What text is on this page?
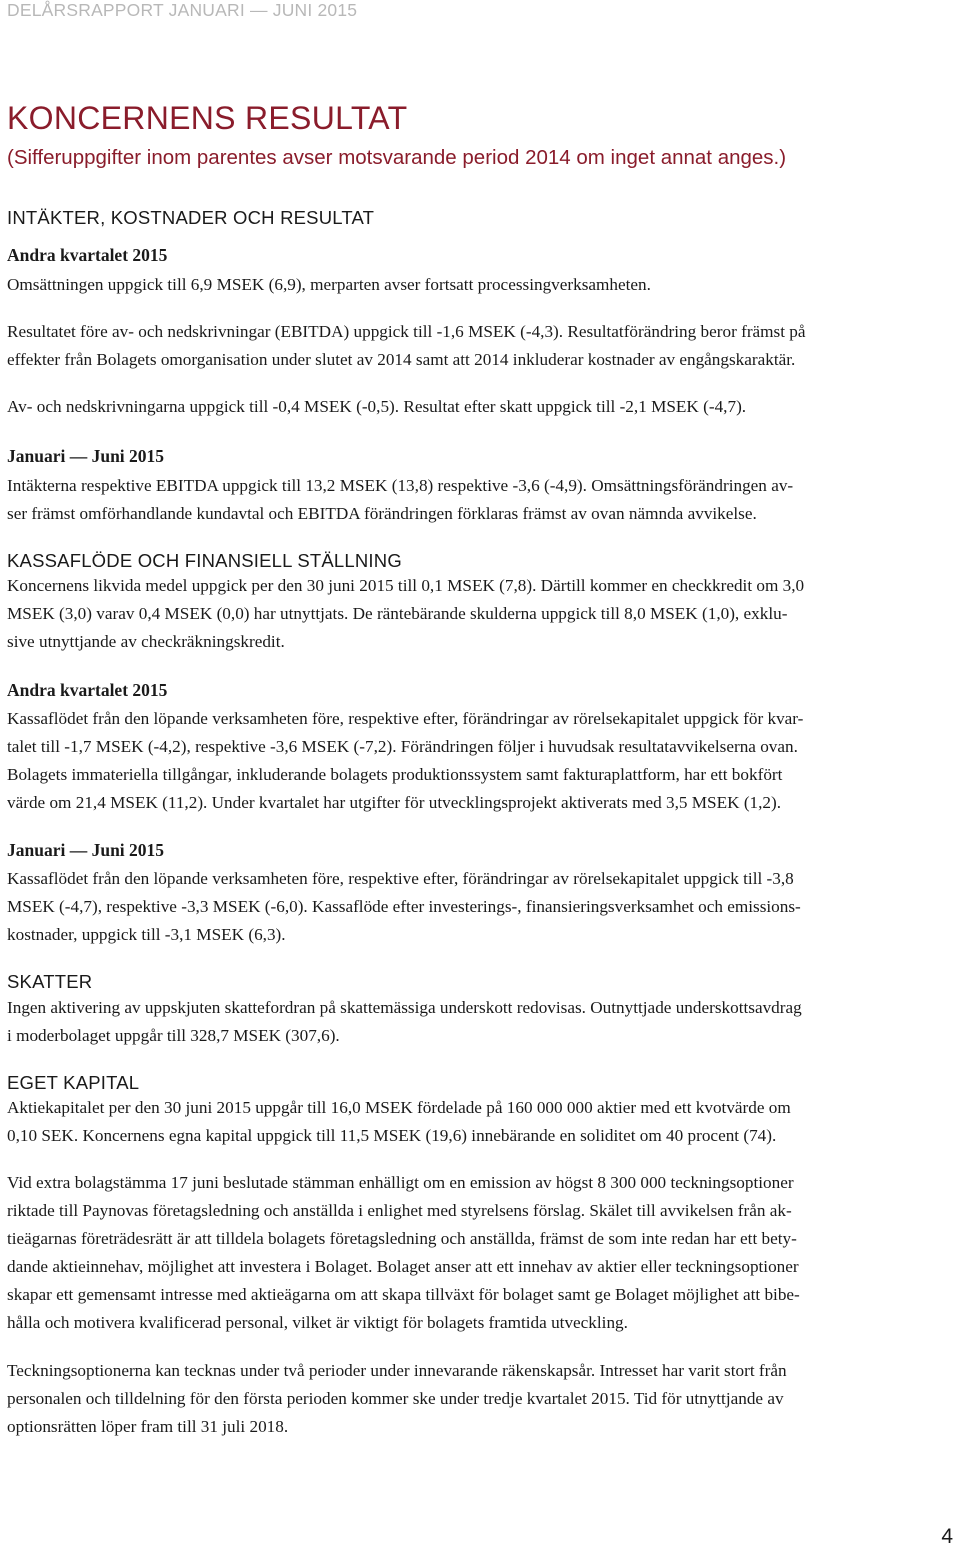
DELÅRSRAPPORT JANUARI — JUNI 2015
KONCERNENS RESULTAT
(Sifferuppgifter inom parentes avser motsvarande period 2014 om inget annat anges.)
INTÄKTER, KOSTNADER OCH RESULTAT
Andra kvartalet 2015
Omsättningen uppgick till 6,9 MSEK (6,9), merparten avser fortsatt processingverksamheten.
Resultatet före av- och nedskrivningar (EBITDA) uppgick till -1,6 MSEK (-4,3). Resultatförändring beror främst på
effekter från Bolagets omorganisation under slutet av 2014 samt att 2014 inkluderar kostnader av engångskaraktär.
Av- och nedskrivningarna uppgick till -0,4 MSEK (-0,5). Resultat efter skatt uppgick till -2,1 MSEK (-4,7).
Januari — Juni 2015
Intäkterna respektive EBITDA uppgick till 13,2 MSEK (13,8) respektive -3,6 (-4,9). Omsättningsförändringen av-
ser främst omförhandlande kundavtal och EBITDA förändringen förklaras främst av ovan nämnda avvikelse.
KASSAFLÖDE OCH FINANSIELL STÄLLNING
Koncernens likvida medel uppgick per den 30 juni 2015 till 0,1 MSEK (7,8). Därtill kommer en checkkredit om 3,0
MSEK (3,0) varav 0,4 MSEK (0,0) har utnyttjats. De räntebärande skulderna uppgick till 8,0 MSEK (1,0), exklu-
sive utnyttjande av checkräkningskredit.
Andra kvartalet 2015
Kassaflödet från den löpande verksamheten före, respektive efter, förändringar av rörelsekapitalet uppgick för kvar-
talet till -1,7 MSEK (-4,2), respektive -3,6 MSEK (-7,2). Förändringen följer i huvudsak resultatavvikelserna ovan.
Bolagets immateriella tillgångar, inkluderande bolagets produktionssystem samt fakturaplattform, har ett bokfört
värde om 21,4 MSEK (11,2). Under kvartalet har utgifter för utvecklingsprojekt aktiverats med 3,5 MSEK (1,2).
Januari — Juni 2015
Kassaflödet från den löpande verksamheten före, respektive efter, förändringar av rörelsekapitalet uppgick till -3,8
MSEK (-4,7), respektive -3,3 MSEK (-6,0). Kassaflöde efter investerings-, finansieringsverksamhet och emissions-
kostnader, uppgick till -3,1 MSEK (6,3).
SKATTER
Ingen aktivering av uppskjuten skattefordran på skattemässiga underskott redovisas. Outnyttjade underskottsavdrag
i moderbolaget uppgår till 328,7 MSEK (307,6).
EGET KAPITAL
Aktiekapitalet per den 30 juni 2015 uppgår till 16,0 MSEK fördelade på 160 000 000 aktier med ett kvotvärde om
0,10 SEK. Koncernens egna kapital uppgick till 11,5 MSEK (19,6) innebärande en soliditet om 40 procent (74).
Vid extra bolagstämma 17 juni beslutade stämman enhälligt om en emission av högst 8 300 000 teckningsoptioner
riktade till Paynovas företagsledning och anställda i enlighet med styrelsens förslag. Skälet till avvikelsen från ak-
tieägarnas företrädesrätt är att tilldela bolagets företagsledning och anställda, främst de som inte redan har ett bety-
dande aktieinnehav, möjlighet att investera i Bolaget. Bolaget anser att ett innehav av aktier eller teckningsoptioner
skapar ett gemensamt intresse med aktieägarna om att skapa tillväxt för bolaget samt ge Bolaget möjlighet att bibe-
hålla och motivera kvalificerad personal, vilket är viktigt för bolagets framtida utveckling.
Teckningsoptionerna kan tecknas under två perioder under innevarande räkenskapsår. Intresset har varit stort från
personalen och tilldelning för den första perioden kommer ske under tredje kvartalet 2015. Tid för utnyttjande av
optionsrätten löper fram till 31 juli 2018.
4
